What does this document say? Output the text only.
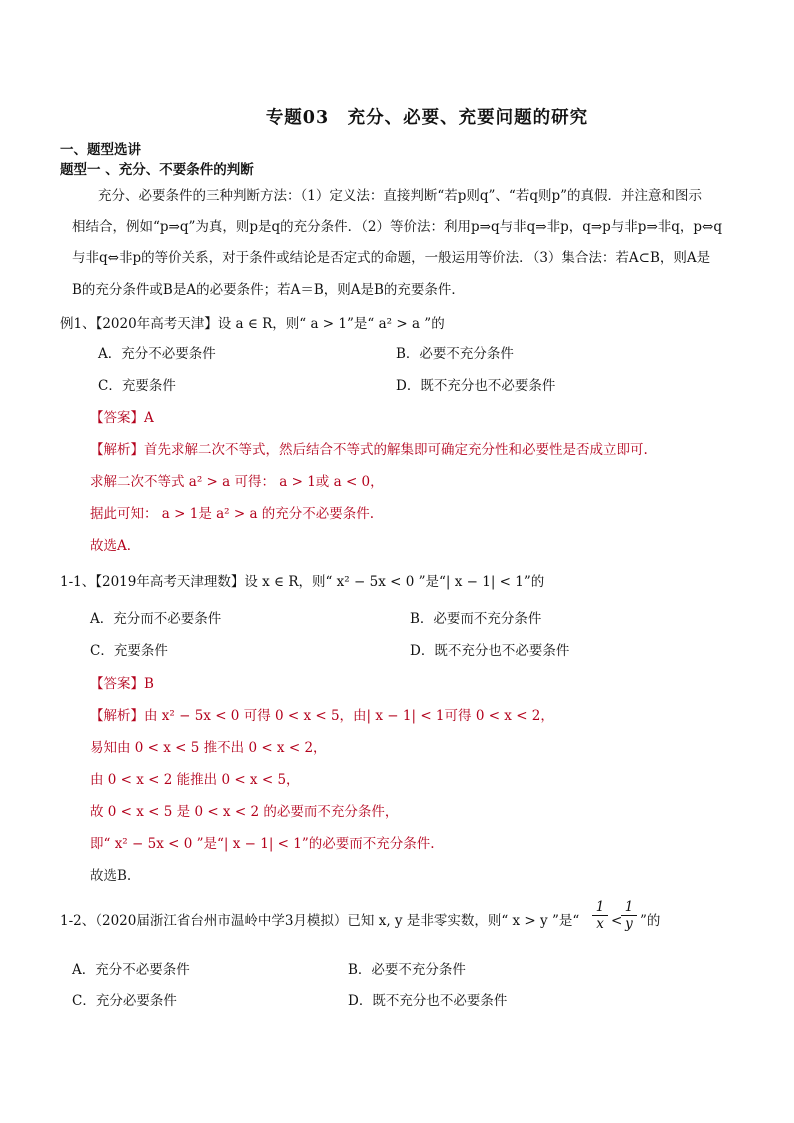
专题03　充分、必要、充要问题的研究
一、题型选讲
题型一 、充分、不要条件的判断
充分、必要条件的三种判断方法：（1）定义法：直接判断“若p则q”、“若q则p”的真假．并注意和图示
相结合，例如“p⇒q”为真，则p是q的充分条件．（2）等价法：利用p⇒q与非q⇒非p，q⇒p与非p⇒非q，p⇔q
与非q⇔非p的等价关系，对于条件或结论是否定式的命题，一般运用等价法．（3）集合法：若A⊂B，则A是
B的充分条件或B是A的必要条件；若A＝B，则A是B的充要条件．
例1、【2020年高考天津】设 a ∈ R，则“ a > 1”是“ a² > a ”的
A．充分不必要条件	B．必要不充分条件
C．充要条件	D．既不充分也不必要条件
【答案】A
【解析】首先求解二次不等式，然后结合不等式的解集即可确定充分性和必要性是否成立即可.
求解二次不等式 a² > a 可得： a > 1或 a < 0，
据此可知： a > 1是 a² > a 的充分不必要条件.
故选A．
1-1、【2019年高考天津理数】设 x ∈ R，则“ x² − 5x < 0 ”是“| x − 1| < 1”的
A．充分而不必要条件	B．必要而不充分条件
C．充要条件	D．既不充分也不必要条件
【答案】B
【解析】由 x² − 5x < 0 可得 0 < x < 5，由| x − 1| < 1可得 0 < x < 2，
易知由 0 < x < 5 推不出 0 < x < 2，
由 0 < x < 2 能推出 0 < x < 5，
故 0 < x < 5 是 0 < x < 2 的必要而不充分条件，
即“ x² − 5x < 0 ”是“| x − 1| < 1”的必要而不充分条件.
故选B.
1-2、（2020届浙江省台州市温岭中学3月模拟）已知 x, y 是非零实数，则“ x > y ”是“ $\frac{1}{x}$ <
$\frac{1}{y}$ ”的
A．充分不必要条件	B．必要不充分条件
C．充分必要条件	D．既不充分也不必要条件
